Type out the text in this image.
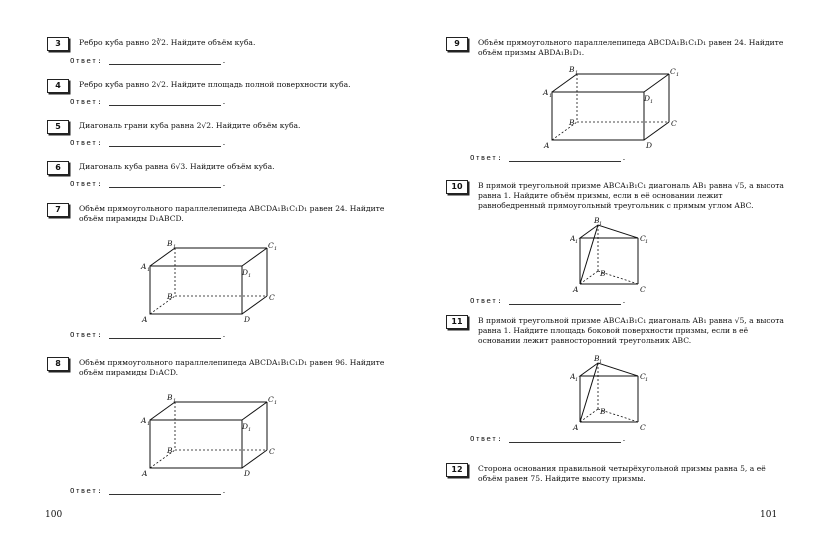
3	Ребро куба равно 2∛2. Найдите объём куба.
Ответ:	.
4	Ребро куба равно 2√2. Найдите площадь полной поверхности куба.
Ответ:	.
5	Диагональ грани куба равна 2√2. Найдите объём куба.
Ответ:	.
6	Диагональ куба равна 6√3. Найдите объём куба.
Ответ:	.
7	Объём прямоугольного параллелепипеда ABCDA₁B₁C₁D₁ равен 24. Найдите объём пирамиды D₁ABCD.
A	D
C
B
A 1	D 1
B 1	C 1
Ответ:	.
8	Объём прямоугольного параллелепипеда ABCDA₁B₁C₁D₁ равен 96. Найдите объём пирамиды D₁ACD.
A	D
C
B
A 1	D 1
B 1	C 1
Ответ:	.
100
9	Объём прямоугольного параллелепипеда ABCDA₁B₁C₁D₁ равен 24. Найдите объём призмы ABDA₁B₁D₁.
A	D
C
B
A 1	D 1
B 1	C 1
Ответ:	.
10	В прямой треугольной призме ABCA₁B₁C₁ диагональ AB₁ равна √5, а высота равна 1. Найдите объём призмы, если в её основании лежит равнобедренный прямоугольный треугольник с прямым углом ABC.
A	C
B
A 1
B 1
C 1
Ответ:	.
11	В прямой треугольной призме ABCA₁B₁C₁ диагональ AB₁ равна √5, а высота равна 1. Найдите площадь боковой поверхности призмы, если в её основании лежит равносторонний треугольник ABC.
A	C
B
A 1
B 1
C 1
Ответ:	.
12	Сторона основания правильной четырёхугольной призмы равна 5, а её объём равен 75. Найдите высоту призмы.
101
